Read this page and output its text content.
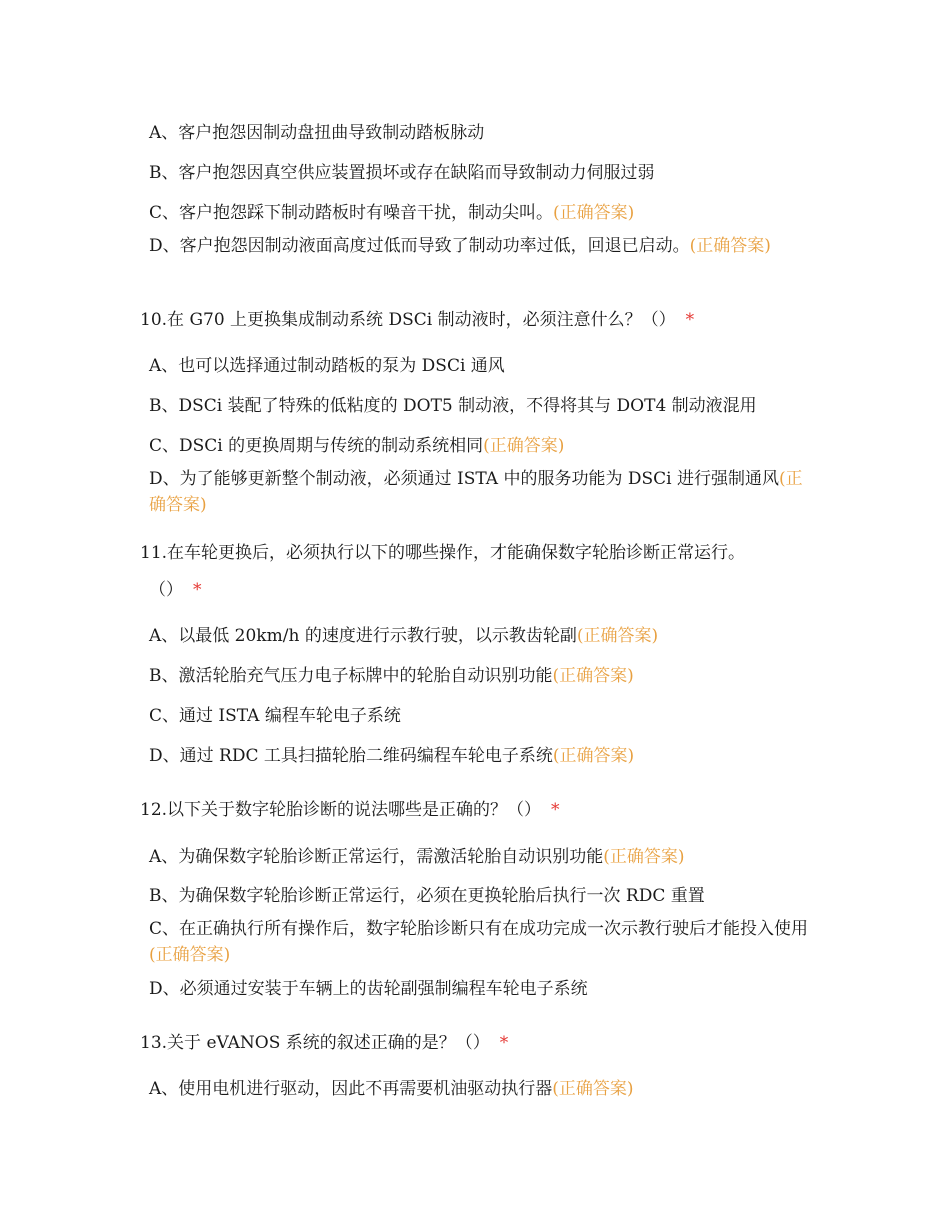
A、客户抱怨因制动盘扭曲导致制动踏板脉动
B、客户抱怨因真空供应装置损坏或存在缺陷而导致制动力伺服过弱
C、客户抱怨踩下制动踏板时有噪音干扰，制动尖叫。(正确答案)
D、客户抱怨因制动液面高度过低而导致了制动功率过低，回退已启动。(正确答案)
10.在 G70 上更换集成制动系统 DSCi 制动液时，必须注意什么？（） *
A、也可以选择通过制动踏板的泵为 DSCi 通风
B、DSCi 装配了特殊的低粘度的 DOT5 制动液，不得将其与 DOT4 制动液混用
C、DSCi 的更换周期与传统的制动系统相同(正确答案)
D、为了能够更新整个制动液，必须通过 ISTA 中的服务功能为 DSCi 进行强制通风(正确答案)
11.在车轮更换后，必须执行以下的哪些操作，才能确保数字轮胎诊断正常运行。
（） *
A、以最低 20km/h 的速度进行示教行驶，以示教齿轮副(正确答案)
B、激活轮胎充气压力电子标牌中的轮胎自动识别功能(正确答案)
C、通过 ISTA 编程车轮电子系统
D、通过 RDC 工具扫描轮胎二维码编程车轮电子系统(正确答案)
12.以下关于数字轮胎诊断的说法哪些是正确的？（） *
A、为确保数字轮胎诊断正常运行，需激活轮胎自动识别功能(正确答案)
B、为确保数字轮胎诊断正常运行，必须在更换轮胎后执行一次 RDC 重置
C、在正确执行所有操作后，数字轮胎诊断只有在成功完成一次示教行驶后才能投入使用(正确答案)
D、必须通过安装于车辆上的齿轮副强制编程车轮电子系统
13.关于 eVANOS 系统的叙述正确的是？（） *
A、使用电机进行驱动，因此不再需要机油驱动执行器(正确答案)
